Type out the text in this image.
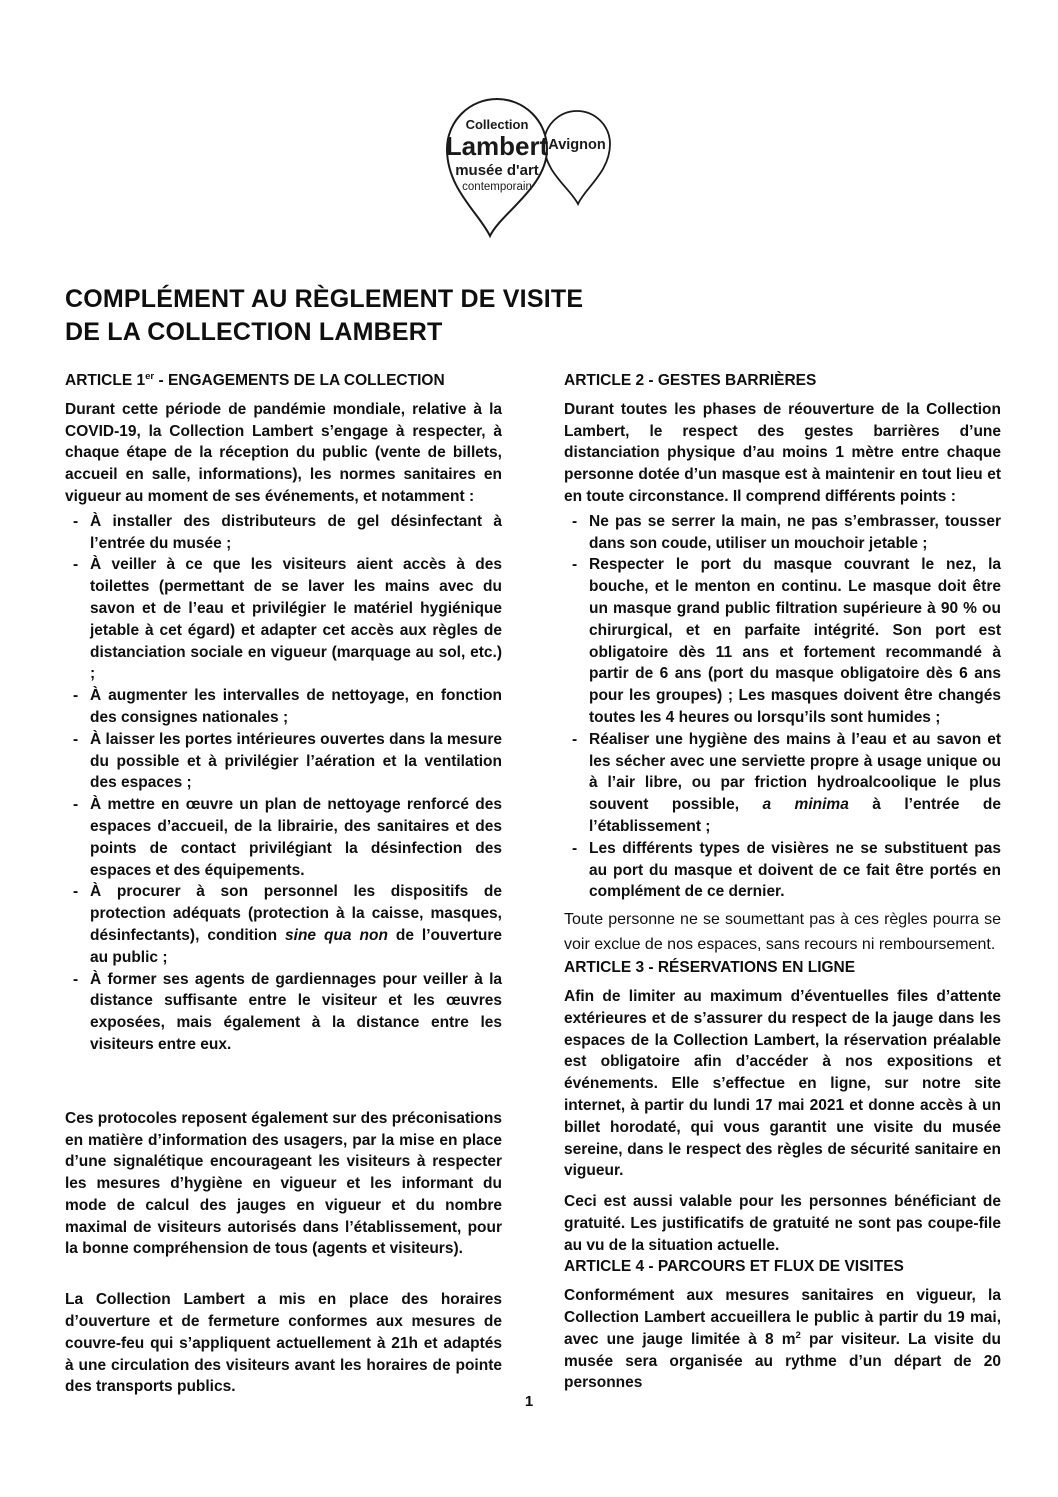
Avignon
Collection
Lambert
musée d'art
contemporain
COMPLÉMENT AU RÈGLEMENT DE VISITE
DE LA COLLECTION LAMBERT
ARTICLE 1er - ENGAGEMENTS DE LA COLLECTION

Durant cette période de pandémie mondiale, relative à la COVID-19, la Collection Lambert s’engage à respecter, à chaque étape de la réception du public (vente de billets, accueil en salle, informations), les normes sanitaires en vigueur au moment de ses événements, et notamment :

- À installer des distributeurs de gel désinfectant à l’entrée du musée ;

- À veiller à ce que les visiteurs aient accès à des toilettes (permettant de se laver les mains avec du savon et de l’eau et privilégier le matériel hygiénique jetable à cet égard) et adapter cet accès aux règles de distanciation sociale en vigueur (marquage au sol, etc.) ;

- À augmenter les intervalles de nettoyage, en fonction des consignes nationales ;

- À laisser les portes intérieures ouvertes dans la mesure du possible et à privilégier l’aération et la ventilation des espaces ;

- À mettre en œuvre un plan de nettoyage renforcé des espaces d’accueil, de la librairie, des sanitaires et des points de contact privilégiant la désinfection des espaces et des équipements.

- À procurer à son personnel les dispositifs de protection adéquats (protection à la caisse, masques, désinfectants), condition sine qua non de l’ouverture au public ;

- À former ses agents de gardiennages pour veiller à la distance suffisante entre le visiteur et les œuvres exposées, mais également à la distance entre les visiteurs entre eux.

Ces protocoles reposent également sur des préconisations en matière d’information des usagers, par la mise en place d’une signalétique encourageant les visiteurs à respecter les mesures d’hygiène en vigueur et les informant du mode de calcul des jauges en vigueur et du nombre maximal de visiteurs autorisés dans l’établissement, pour la bonne compréhension de tous (agents et visiteurs).

La Collection Lambert a mis en place des horaires d’ouverture et de fermeture conformes aux mesures de couvre-feu qui s’appliquent actuellement à 21h et adaptés à une circulation des visiteurs avant les horaires de pointe des transports publics.

ARTICLE 2 - GESTES BARRIÈRES

Durant toutes les phases de réouverture de la Collection Lambert, le respect des gestes barrières d’une distanciation physique d’au moins 1 mètre entre chaque personne dotée d’un masque est à maintenir en tout lieu et en toute circonstance. Il comprend différents points :

- Ne pas se serrer la main, ne pas s’embrasser, tousser dans son coude, utiliser un mouchoir jetable ;

- Respecter le port du masque couvrant le nez, la bouche, et le menton en continu. Le masque doit être un masque grand public filtration supérieure à 90 % ou chirurgical, et en parfaite intégrité. Son port est obligatoire dès 11 ans et fortement recommandé à partir de 6 ans (port du masque obligatoire dès 6 ans pour les groupes) ; Les masques doivent être changés toutes les 4 heures ou lorsqu’ils sont humides ;

- Réaliser une hygiène des mains à l’eau et au savon et les sécher avec une serviette propre à usage unique ou à l’air libre, ou par friction hydroalcoolique le plus souvent possible, a minima à l’entrée de l’établissement ;

- Les différents types de visières ne se substituent pas au port du masque et doivent de ce fait être portés en complément de ce dernier.

Toute personne ne se soumettant pas à ces règles pourra se voir exclue de nos espaces, sans recours ni remboursement.

ARTICLE 3 - RÉSERVATIONS EN LIGNE

Afin de limiter au maximum d’éventuelles files d’attente extérieures et de s’assurer du respect de la jauge dans les espaces de la Collection Lambert, la réservation préalable est obligatoire afin d’accéder à nos expositions et événements. Elle s’effectue en ligne, sur notre site internet, à partir du lundi 17 mai 2021 et donne accès à un billet horodaté, qui vous garantit une visite du musée sereine, dans le respect des règles de sécurité sanitaire en vigueur.

Ceci est aussi valable pour les personnes bénéficiant de gratuité. Les justificatifs de gratuité ne sont pas coupe-file au vu de la situation actuelle.

ARTICLE 4 - PARCOURS ET FLUX DE VISITES

Conformément aux mesures sanitaires en vigueur, la Collection Lambert accueillera le public à partir du 19 mai, avec une jauge limitée à 8 $m^2$ par visiteur. La visite du musée sera organisée au rythme d’un départ de 20 personnes

1
